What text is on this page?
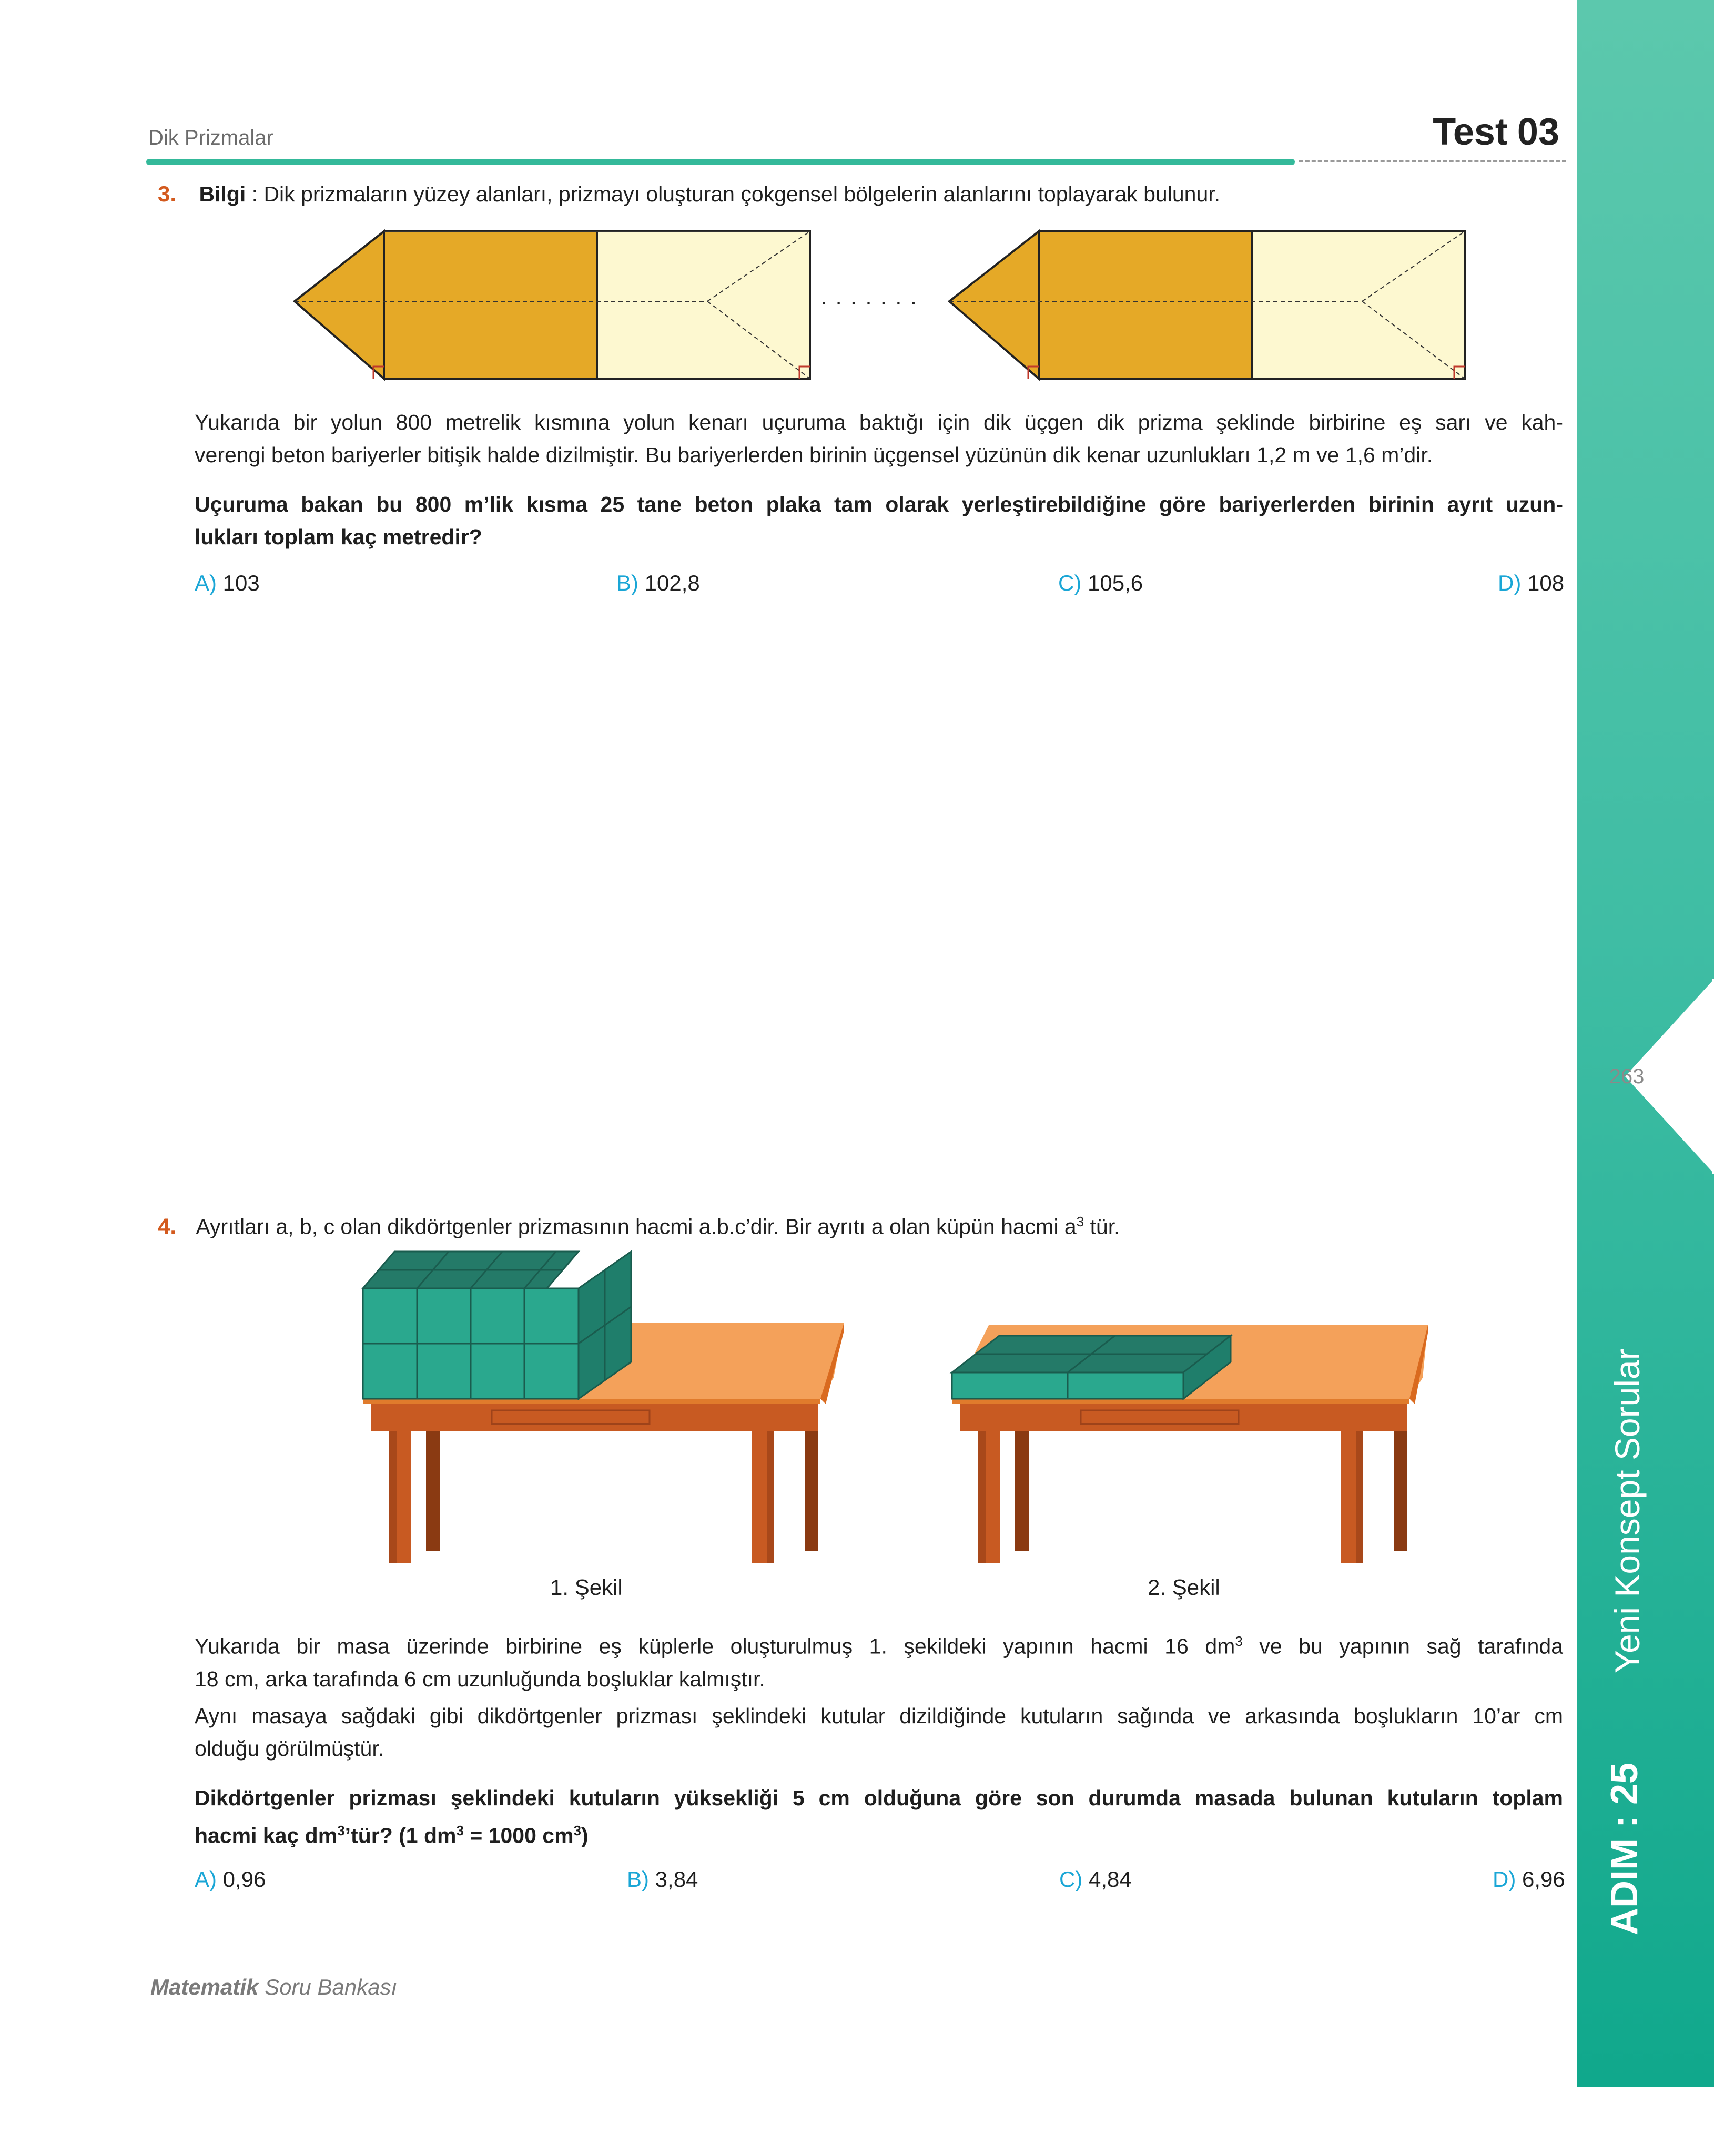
Dik Prizmalar	Test 03
263
Yeni Konsept Sorular
ADIM : 25
3. Bilgi : Dik prizmaların yüzey alanları, prizmayı oluşturan çokgensel bölgelerin alanlarını toplayarak bulunur.
. . . . . . .
Yukarıda bir yolun 800 metrelik kısmına yolun kenarı uçuruma baktığı için dik üçgen dik prizma şeklinde birbirine eş sarı ve kah-
verengi beton bariyerler bitişik halde dizilmiştir. Bu bariyerlerden birinin üçgensel yüzünün dik kenar uzunlukları 1,2 m ve 1,6 m’dir.
Uçuruma bakan bu 800 m’lik kısma 25 tane beton plaka tam olarak yerleştirebildiğine göre bariyerlerden birinin ayrıt uzun-
lukları toplam kaç metredir?
A) 103	B) 102,8	C) 105,6	D) 108
4. Ayrıtları a, b, c olan dikdörtgenler prizmasının hacmi a.b.c’dir. Bir ayrıtı a olan küpün hacmi $a^3$ tür.
1. Şekil	2. Şekil
Yukarıda bir masa üzerinde birbirine eş küplerle oluşturulmuş 1. şekildeki yapının hacmi 16 $dm^3$ ve bu yapının sağ tarafında
18 cm, arka tarafında 6 cm uzunluğunda boşluklar kalmıştır.
Aynı masaya sağdaki gibi dikdörtgenler prizması şeklindeki kutular dizildiğinde kutuların sağında ve arkasında boşlukların 10’ar cm
olduğu görülmüştür.
Dikdörtgenler prizması şeklindeki kutuların yüksekliği 5 cm olduğuna göre son durumda masada bulunan kutuların toplam
hacmi kaç $dm^3’tür$? (1 $dm^3 = 1000$ $cm^3$)
A) 0,96	B) 3,84	C) 4,84	D) 6,96
Matematik Soru Bankası
